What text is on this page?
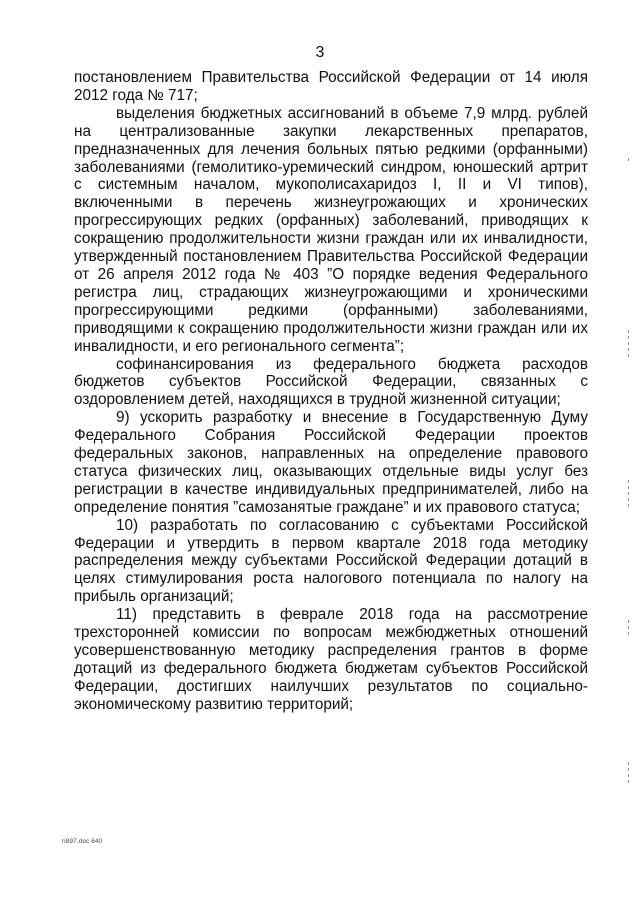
3

постановлением Правительства Российской Федерации от 14 июля 2012 года № 717;

выделения бюджетных ассигнований в объеме 7,9 млрд. рублей на централизованные закупки лекарственных препаратов, предназначенных для лечения больных пятью редкими (орфанными) заболеваниями (гемолитико-уремический синдром, юношеский артрит с системным началом, мукополисахаридоз I, II и VI типов), включенными в перечень жизнеугрожающих и хронических прогрессирующих редких (орфанных) заболеваний, приводящих к сокращению продолжительности жизни граждан или их инвалидности, утвержденный постановлением Правительства Российской Федерации от 26 апреля 2012 года № 403 ”О порядке ведения Федерального регистра лиц, страдающих жизнеугрожающими и хроническими прогрессирующими редкими (орфанными) заболеваниями, приводящими к сокращению продолжительности жизни граждан или их инвалидности, и его регионального сегмента”;

софинансирования из федерального бюджета расходов бюджетов субъектов Российской Федерации, связанных с оздоровлением детей, находящихся в трудной жизненной ситуации;

9) ускорить разработку и внесение в Государственную Думу Федерального Собрания Российской Федерации проектов федеральных законов, направленных на определение правового статуса физических лиц, оказывающих отдельные виды услуг без регистрации в качестве индивидуальных предпринимателей, либо на определение понятия ”самозанятые граждане” и их правового статуса;

10) разработать по согласованию с субъектами Российской Федерации и утвердить в первом квартале 2018 года методику распределения между субъектами Российской Федерации дотаций в целях стимулирования роста налогового потенциала по налогу на прибыль организаций;

11) представить в феврале 2018 года на рассмотрение трехсторонней комиссии по вопросам межбюджетных отношений усовершенствованную методику распределения грантов в форме дотаций из федерального бюджета бюджетам субъектов Российской Федерации, достигших наилучших результатов по социально-экономическому развитию территорий;

ri897.doc 640
